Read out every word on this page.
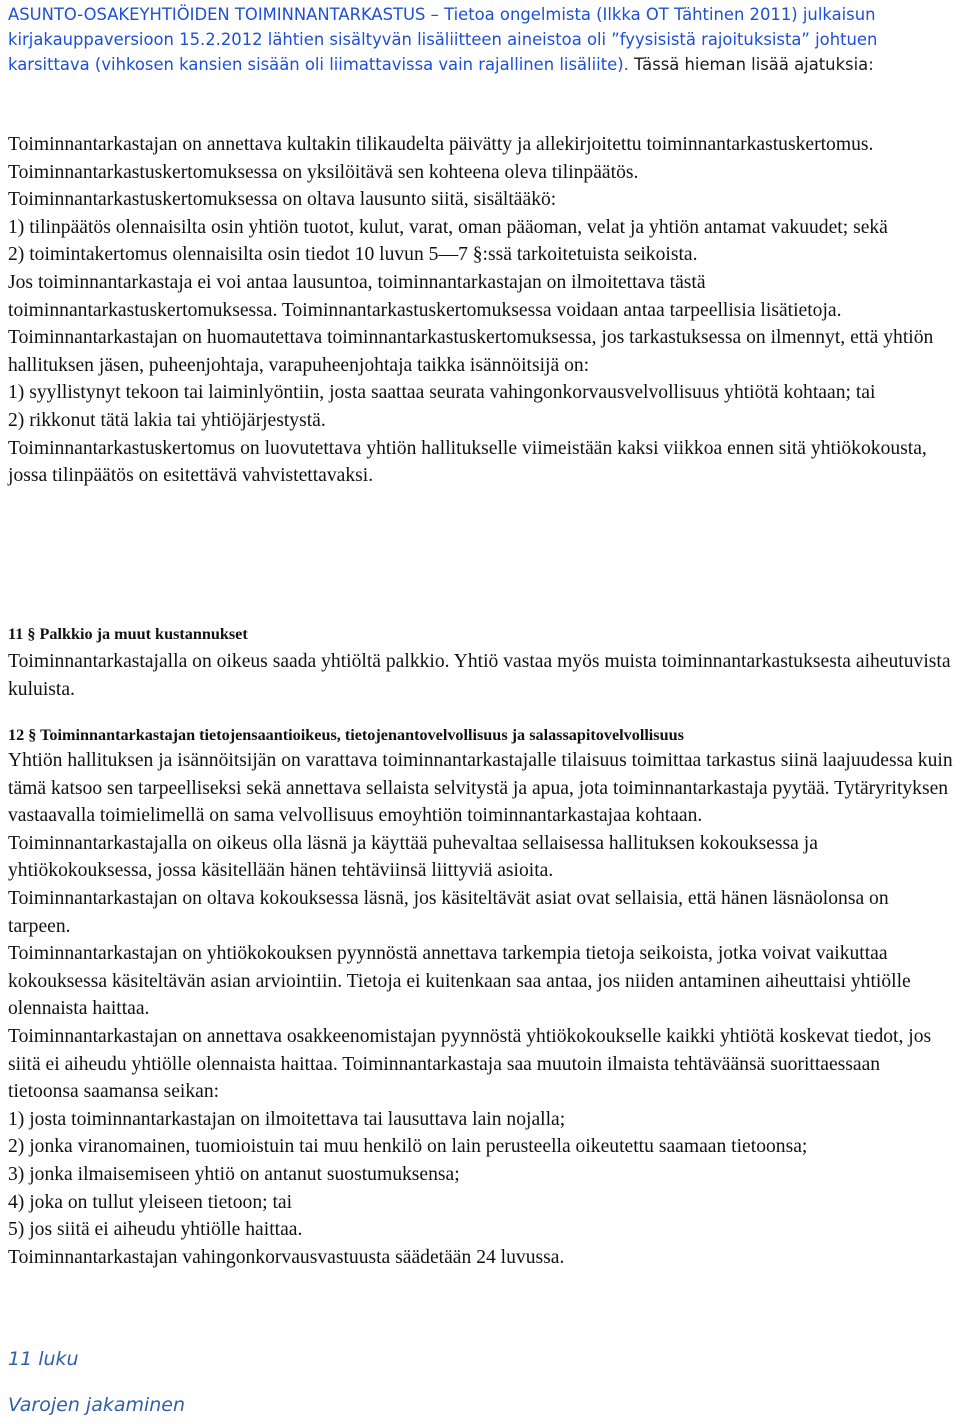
ASUNTO-OSAKEYHTIÖIDEN TOIMINNANTARKASTUS – Tietoa ongelmista (Ilkka OT Tähtinen 2011) julkaisun kirjakauppaversioon 15.2.2012 lähtien sisältyvän lisäliitteen aineistoa oli ”fyysisistä rajoituksista” johtuen karsittava (vihkosen kansien sisään oli liimattavissa vain rajallinen lisäliite). Tässä hieman lisää ajatuksia:

Toiminnantarkastajan on annettava kultakin tilikaudelta päivätty ja allekirjoitettu toiminnantarkastuskertomus. Toiminnantarkastuskertomuksessa on yksilöitävä sen kohteena oleva tilinpäätös.

Toiminnantarkastuskertomuksessa on oltava lausunto siitä, sisältääkö:

1) tilinpäätös olennaisilta osin yhtiön tuotot, kulut, varat, oman pääoman, velat ja yhtiön antamat vakuudet; sekä

2) toimintakertomus olennaisilta osin tiedot 10 luvun 5—7 §:ssä tarkoitetuista seikoista.

Jos toiminnantarkastaja ei voi antaa lausuntoa, toiminnantarkastajan on ilmoitettava tästä toiminnantarkastuskertomuksessa. Toiminnantarkastuskertomuksessa voidaan antaa tarpeellisia lisätietoja.

Toiminnantarkastajan on huomautettava toiminnantarkastuskertomuksessa, jos tarkastuksessa on ilmennyt, että yhtiön hallituksen jäsen, puheenjohtaja, varapuheenjohtaja taikka isännöitsijä on:

1) syyllistynyt tekoon tai laiminlyöntiin, josta saattaa seurata vahingonkorvausvelvollisuus yhtiötä kohtaan; tai

2) rikkonut tätä lakia tai yhtiöjärjestystä.

Toiminnantarkastuskertomus on luovutettava yhtiön hallitukselle viimeistään kaksi viikkoa ennen sitä yhtiökokousta, jossa tilinpäätös on esitettävä vahvistettavaksi.

11 § Palkkio ja muut kustannukset

Toiminnantarkastajalla on oikeus saada yhtiöltä palkkio. Yhtiö vastaa myös muista toiminnantarkastuksesta aiheutuvista kuluista.

12 § Toiminnantarkastajan tietojensaantioikeus, tietojenantovelvollisuus ja salassapitovelvollisuus

Yhtiön hallituksen ja isännöitsijän on varattava toiminnantarkastajalle tilaisuus toimittaa tarkastus siinä laajuudessa kuin tämä katsoo sen tarpeelliseksi sekä annettava sellaista selvitystä ja apua, jota toiminnantarkastaja pyytää. Tytäryrityksen vastaavalla toimielimellä on sama velvollisuus emoyhtiön toiminnantarkastajaa kohtaan.

Toiminnantarkastajalla on oikeus olla läsnä ja käyttää puhevaltaa sellaisessa hallituksen kokouksessa ja yhtiökokouksessa, jossa käsitellään hänen tehtäviinsä liittyviä asioita.

Toiminnantarkastajan on oltava kokouksessa läsnä, jos käsiteltävät asiat ovat sellaisia, että hänen läsnäolonsa on tarpeen.

Toiminnantarkastajan on yhtiökokouksen pyynnöstä annettava tarkempia tietoja seikoista, jotka voivat vaikuttaa kokouksessa käsiteltävän asian arviointiin. Tietoja ei kuitenkaan saa antaa, jos niiden antaminen aiheuttaisi yhtiölle olennaista haittaa.

Toiminnantarkastajan on annettava osakkeenomistajan pyynnöstä yhtiökokoukselle kaikki yhtiötä koskevat tiedot, jos siitä ei aiheudu yhtiölle olennaista haittaa. Toiminnantarkastaja saa muutoin ilmaista tehtäväänsä suorittaessaan tietoonsa saamansa seikan:

1) josta toiminnantarkastajan on ilmoitettava tai lausuttava lain nojalla;

2) jonka viranomainen, tuomioistuin tai muu henkilö on lain perusteella oikeutettu saamaan tietoonsa;

3) jonka ilmaisemiseen yhtiö on antanut suostumuksensa;

4) joka on tullut yleiseen tietoon; tai

5) jos siitä ei aiheudu yhtiölle haittaa.

Toiminnantarkastajan vahingonkorvausvastuusta säädetään 24 luvussa.

11 luku

Varojen jakaminen
